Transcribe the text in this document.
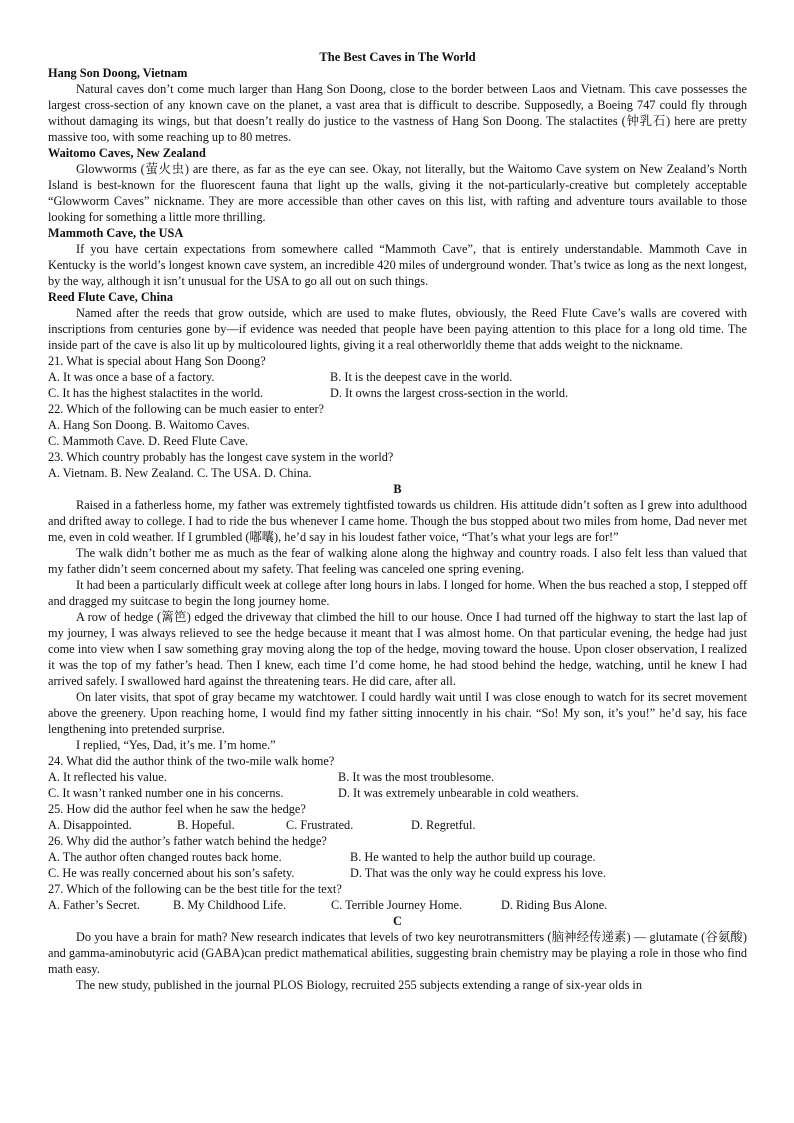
The Best Caves in The World

Hang Son Doong, Vietnam

Natural caves don’t come much larger than Hang Son Doong, close to the border between Laos and Vietnam. This cave possesses the largest cross-section of any known cave on the planet, a vast area that is difficult to describe. Supposedly, a Boeing 747 could fly through without damaging its wings, but that doesn’t really do justice to the vastness of Hang Son Doong. The stalactites (钟乳石) here are pretty massive too, with some reaching up to 80 metres.

Waitomo Caves, New Zealand

Glowworms (萤火虫) are there, as far as the eye can see. Okay, not literally, but the Waitomo Cave system on New Zealand’s North Island is best-known for the fluorescent fauna that light up the walls, giving it the not-particularly-creative but completely acceptable “Glowworm Caves” nickname. They are more accessible than other caves on this list, with rafting and adventure tours available to those looking for something a little more thrilling.

Mammoth Cave, the USA

If you have certain expectations from somewhere called “Mammoth Cave”, that is entirely understandable. Mammoth Cave in Kentucky is the world’s longest known cave system, an incredible 420 miles of underground wonder. That’s twice as long as the next longest, by the way, although it isn’t unusual for the USA to go all out on such things.

Reed Flute Cave, China

Named after the reeds that grow outside, which are used to make flutes, obviously, the Reed Flute Cave’s walls are covered with inscriptions from centuries gone by—if evidence was needed that people have been paying attention to this place for a long old time. The inside part of the cave is also lit up by multicoloured lights, giving it a real otherworldly theme that adds weight to the nickname.

21. What is special about Hang Son Doong?

A. It was once a base of a factory.	B. It is the deepest cave in the world.

C. It has the highest stalactites in the world.	D. It owns the largest cross-section in the world.

22. Which of the following can be much easier to enter?

A. Hang Son Doong. B. Waitomo Caves.

C. Mammoth Cave. D. Reed Flute Cave.

23. Which country probably has the longest cave system in the world?

A. Vietnam. B. New Zealand. C. The USA. D. China.

B

Raised in a fatherless home, my father was extremely tightfisted towards us children. His attitude didn’t soften as I grew into adulthood and drifted away to college. I had to ride the bus whenever I came home. Though the bus stopped about two miles from home, Dad never met me, even in cold weather. If I grumbled (嘟囔), he’d say in his loudest father voice, “That’s what your legs are for!”

The walk didn’t bother me as much as the fear of walking alone along the highway and country roads. I also felt less than valued that my father didn’t seem concerned about my safety. That feeling was canceled one spring evening.

It had been a particularly difficult week at college after long hours in labs. I longed for home. When the bus reached a stop, I stepped off and dragged my suitcase to begin the long journey home.

A row of hedge (篱笆) edged the driveway that climbed the hill to our house. Once I had turned off the highway to start the last lap of my journey, I was always relieved to see the hedge because it meant that I was almost home. On that particular evening, the hedge had just come into view when I saw something gray moving along the top of the hedge, moving toward the house. Upon closer observation, I realized it was the top of my father’s head. Then I knew, each time I’d come home, he had stood behind the hedge, watching, until he knew I had arrived safely. I swallowed hard against the threatening tears. He did care, after all.

On later visits, that spot of gray became my watchtower. I could hardly wait until I was close enough to watch for its secret movement above the greenery. Upon reaching home, I would find my father sitting innocently in his chair. “So! My son, it’s you!” he’d say, his face lengthening into pretended surprise.

I replied, “Yes, Dad, it’s me. I’m home.”

24. What did the author think of the two-mile walk home?

A. It reflected his value.	B. It was the most troublesome.

C. It wasn’t ranked number one in his concerns.	D. It was extremely unbearable in cold weathers.

25. How did the author feel when he saw the hedge?

A. Disappointed.	B. Hopeful.	C. Frustrated.	D. Regretful.

26. Why did the author’s father watch behind the hedge?

A. The author often changed routes back home.	B. He wanted to help the author build up courage.

C. He was really concerned about his son’s safety.	D. That was the only way he could express his love.

27. Which of the following can be the best title for the text?

A. Father’s Secret.	B. My Childhood Life.	C. Terrible Journey Home.	D. Riding Bus Alone.

C

Do you have a brain for math? New research indicates that levels of two key neurotransmitters (脑神经传递素) — glutamate (谷氨酸) and gamma-aminobutyric acid (GABA)can predict mathematical abilities, suggesting brain chemistry may be playing a role in those who find math easy.

The new study, published in the journal PLOS Biology, recruited 255 subjects extending a range of six-year olds in
